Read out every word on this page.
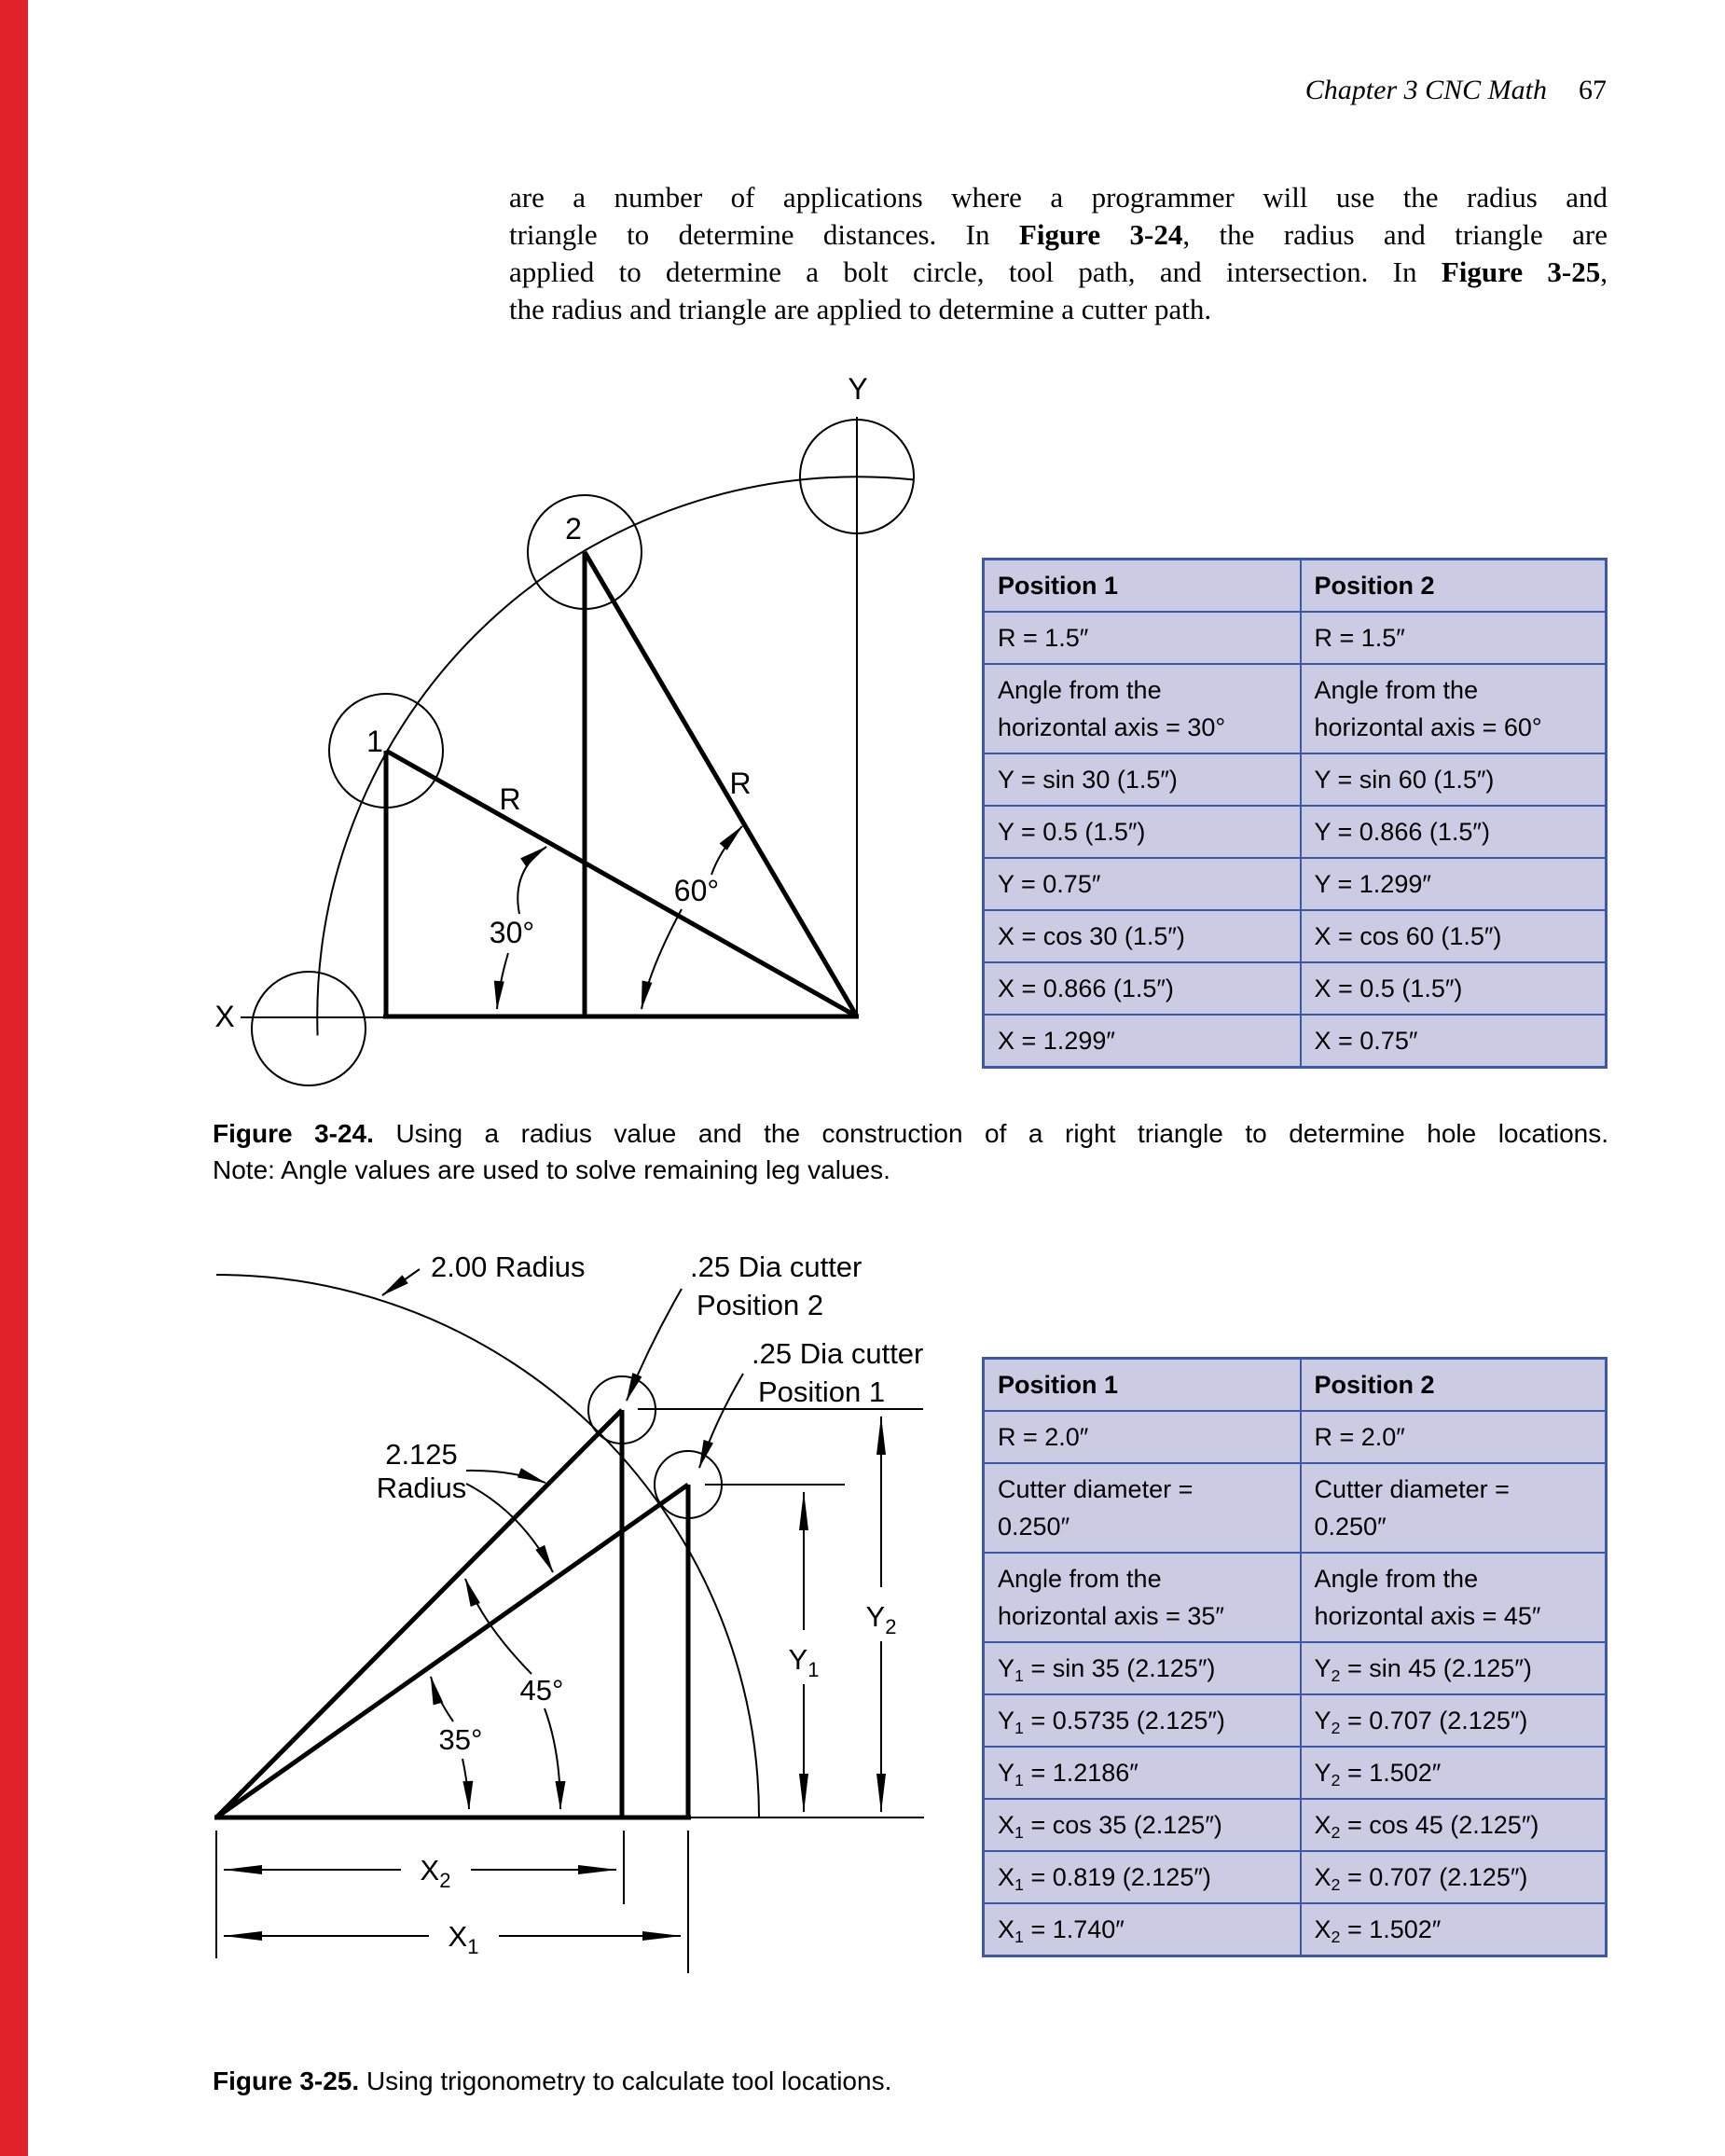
Chapter 3 CNC Math 67
are a number of applications where a programmer will use the radius and
triangle to determine distances. In Figure 3-24, the radius and triangle are
applied to determine a bolt circle, tool path, and intersection. In Figure 3-25,
the radius and triangle are applied to determine a cutter path.
Y
X
2
1
R	R
30°
60°
Position 1	Position 2
R = 1.5″	R = 1.5″
Angle from the
horizontal axis = 30°	Angle from the
horizontal axis = 60°
Y = sin 30 (1.5″)	Y = sin 60 (1.5″)
Y = 0.5 (1.5″)	Y = 0.866 (1.5″)
Y = 0.75″	Y = 1.299″
X = cos 30 (1.5″)	X = cos 60 (1.5″)
X = 0.866 (1.5″)	X = 0.5 (1.5″)
X = 1.299″	X = 0.75″
Figure 3-24. Using a radius value and the construction of a right triangle to determine hole locations.
Note: Angle values are used to solve remaining leg values.
2.00 Radius	.25 Dia cutter
Position 2
.25 Dia cutter
Position 1
2.125
Radius
45°
35°
$Y_2$
$Y_1$
$X_2$
$X_1$
Position 1	Position 2
R = 2.0″	R = 2.0″
Cutter diameter =
0.250″	Cutter diameter =
0.250″
Angle from the
horizontal axis = 35″	Angle from the
horizontal axis = 45″
$Y_1 = \sin 35$ (2.125″)	$Y_2 = \sin 45$ (2.125″)
$Y_1 = 0.5735$ (2.125″)	$Y_2 = 0.707$ (2.125″)
$Y_1 = 1.2186''$	$Y_2 = 1.502''$
$X_1 = \cos 35$ (2.125″)	$X_2 = \cos 45$ (2.125″)
$X_1 = 0.819$ (2.125″)	$X_2 = 0.707$ (2.125″)
$X_1 = 1.740''$	$X_2 = 1.502''$
Figure 3-25. Using trigonometry to calculate tool locations.
